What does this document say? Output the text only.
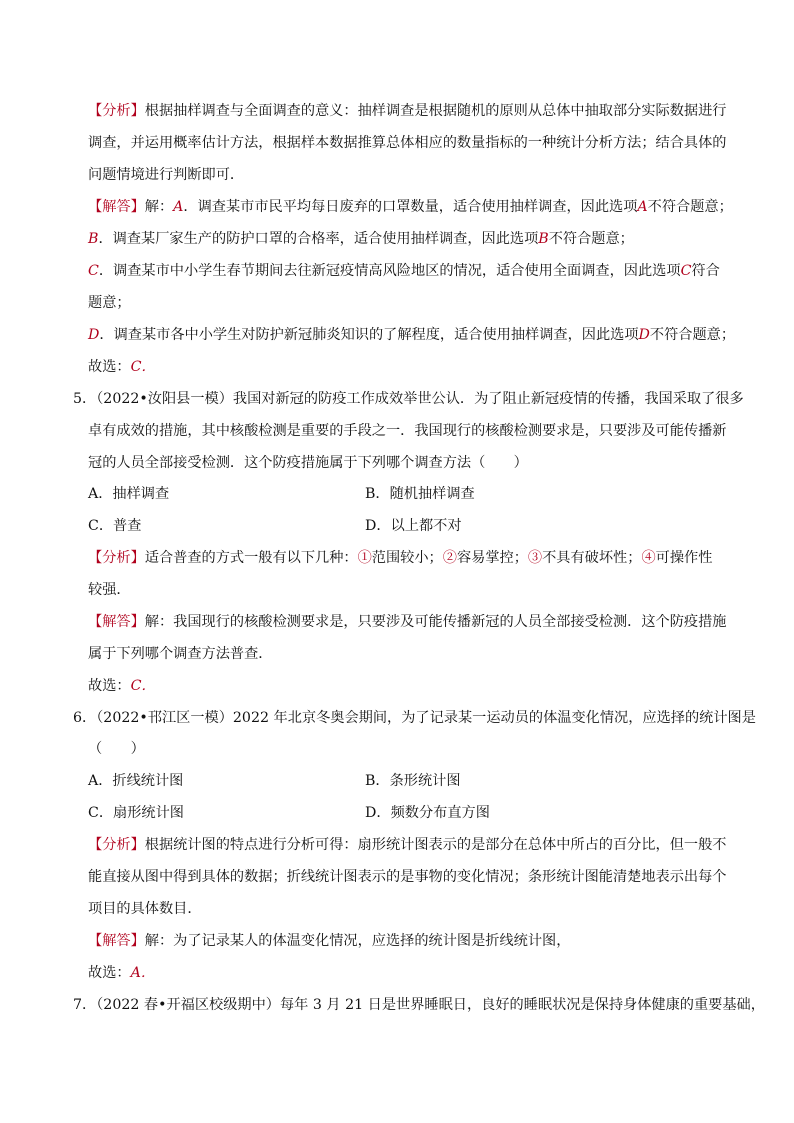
【分析】根据抽样调查与全面调查的意义：抽样调查是根据随机的原则从总体中抽取部分实际数据进行
调查，并运用概率估计方法，根据样本数据推算总体相应的数量指标的一种统计分析方法；结合具体的
问题情境进行判断即可．
【解答】解：A．调查某市市民平均每日废弃的口罩数量，适合使用抽样调查，因此选项A不符合题意；
B．调查某厂家生产的防护口罩的合格率，适合使用抽样调查，因此选项B不符合题意；
C．调查某市中小学生春节期间去往新冠疫情高风险地区的情况，适合使用全面调查，因此选项C符合
题意；
D．调查某市各中小学生对防护新冠肺炎知识的了解程度，适合使用抽样调查，因此选项D不符合题意；
故选：C．
5．（2022•汝阳县一模）我国对新冠的防疫工作成效举世公认．为了阻止新冠疫情的传播，我国采取了很多
卓有成效的措施，其中核酸检测是重要的手段之一．我国现行的核酸检测要求是，只要涉及可能传播新
冠的人员全部接受检测．这个防疫措施属于下列哪个调查方法（　　）
A．抽样调查	B．随机抽样调查
C．普查	D．以上都不对
【分析】适合普查的方式一般有以下几种：①范围较小；②容易掌控；③不具有破坏性；④可操作性
较强．
【解答】解：我国现行的核酸检测要求是，只要涉及可能传播新冠的人员全部接受检测．这个防疫措施
属于下列哪个调查方法普查．
故选：C．
6．（2022•邗江区一模）2022 年北京冬奥会期间，为了记录某一运动员的体温变化情况，应选择的统计图是
（　　）
A．折线统计图	B．条形统计图
C．扇形统计图	D．频数分布直方图
【分析】根据统计图的特点进行分析可得：扇形统计图表示的是部分在总体中所占的百分比，但一般不
能直接从图中得到具体的数据；折线统计图表示的是事物的变化情况；条形统计图能清楚地表示出每个
项目的具体数目．
【解答】解：为了记录某人的体温变化情况，应选择的统计图是折线统计图，
故选：A．
7．（2022 春•开福区校级期中）每年 3 月 21 日是世界睡眠日，良好的睡眠状况是保持身体健康的重要基础，
